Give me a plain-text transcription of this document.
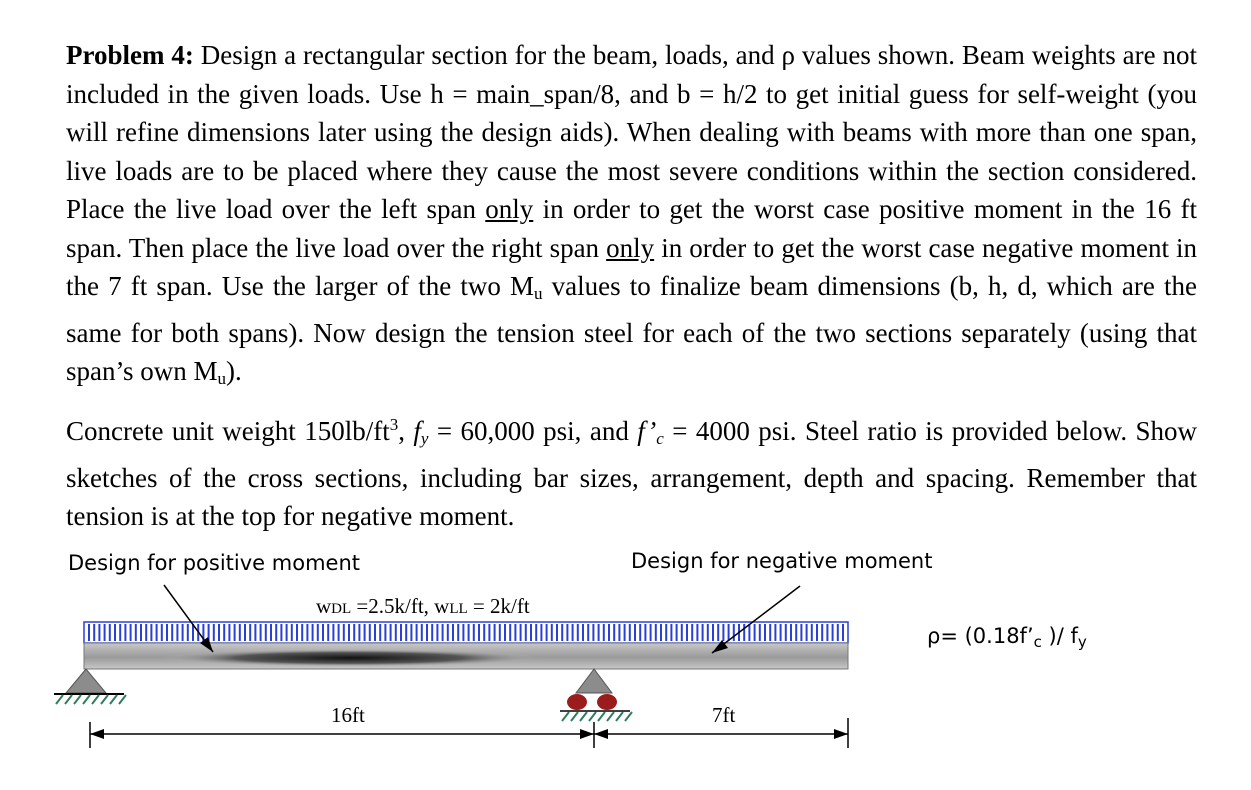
Problem 4: Design a rectangular section for the beam, loads, and ρ values shown. Beam weights are not included in the given loads. Use h = main_span/8, and b = h/2 to get initial guess for self-weight (you will refine dimensions later using the design aids). When dealing with beams with more than one span, live loads are to be placed where they cause the most severe conditions within the section considered. Place the live load over the left span only in order to get the worst case positive moment in the 16 ft span. Then place the live load over the right span only in order to get the worst case negative moment in the 7 ft span. Use the larger of the two $M_u$ values to finalize beam dimensions (b, h, d, which are the same for both spans). Now design the tension steel for each of the two sections separately (using that span’s own $M_u$).

Concrete unit weight $150lb/ft^3$, $f_y = 60,000$ psi, and $f’_c = 4000$ psi. Steel ratio is provided below. Show sketches of the cross sections, including bar sizes, arrangement, depth and spacing. Remember that tension is at the top for negative moment.

Design for positive moment	Design for negative moment
wDL =2.5k/ft, wLL = 2k/ft
ρ= (0.18f’c )/ fy
16ft	7ft
